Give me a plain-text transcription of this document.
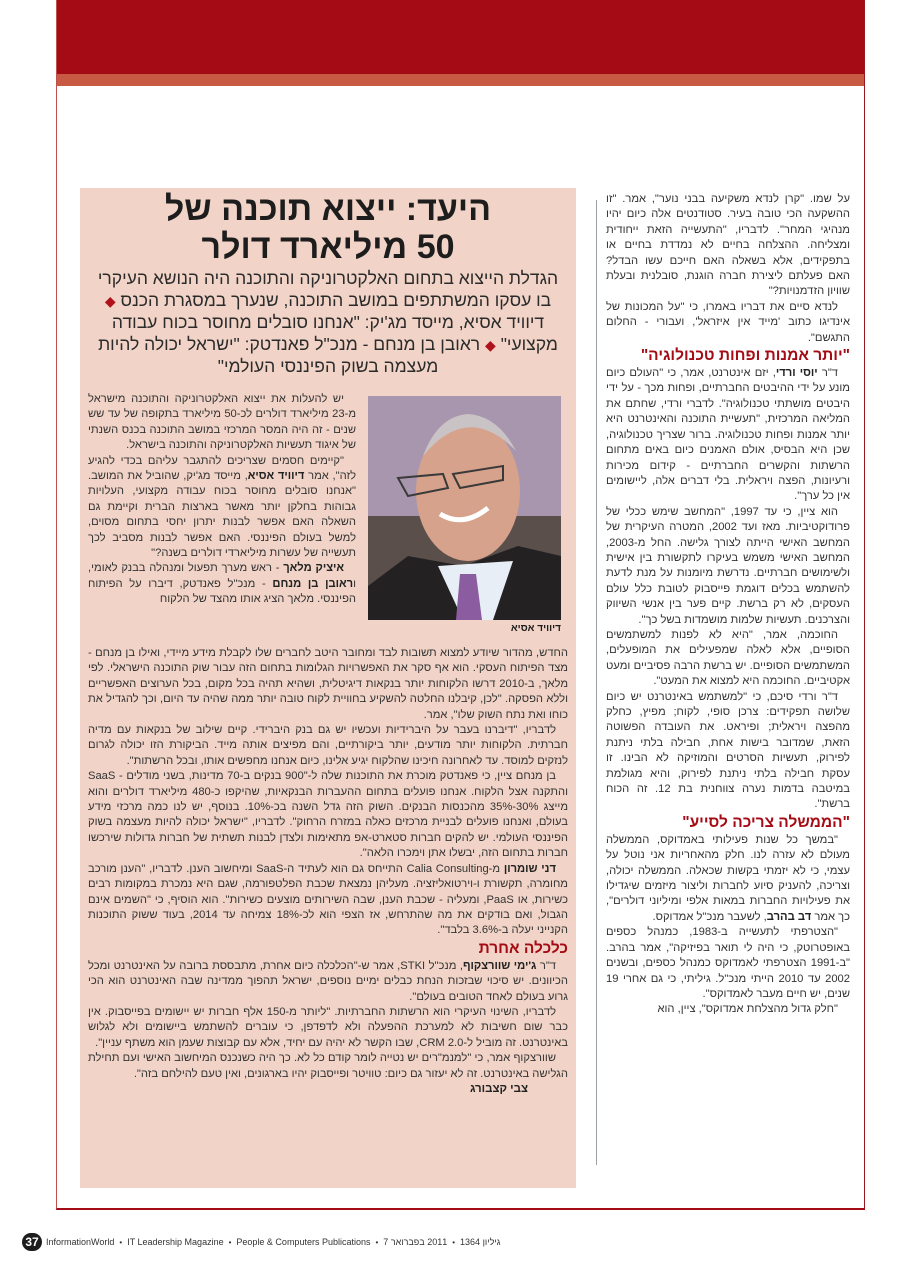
היעד: ייצוא תוכנה של
50 מיליארד דולר
הגדלת הייצוא בתחום האלקטרוניקה והתוכנה היה הנושא העיקרי בו עסקו המשתתפים במושב התוכנה, שנערך במסגרת הכנס ◆ דיוויד אסיא, מייסד מג'יק: "אנחנו סובלים מחוסר בכוח עבודה מקצועי" ◆ ראובן בן מנחם - מנכ"ל פאנדטק: "ישראל יכולה להיות מעצמה בשוק הפיננסי העולמי"
דיוויד אסיא

יש להעלות את ייצוא האלקטרוניקה והתוכנה מישראל מ-23 מיליארד דולרים לכ-50 מיליארד בתקופה של עד שש שנים - זה היה המסר המרכזי במושב התוכנה בכנס השנתי של איגוד תעשיות האלקטרוניקה והתוכנה בישראל.

"קיימים חסמים שצריכים להתגבר עליהם בכדי להגיע לזה", אמר דיוויד אסיא, מייסד מג'יק, שהוביל את המושב. "אנחנו סובלים מחוסר בכוח עבודה מקצועי, העלויות גבוהות בחלקן יותר מאשר בארצות הברית וקיימת גם השאלה האם אפשר לבנות יתרון יחסי בתחום מסוים, למשל בעולם הפיננסי. האם אפשר לבנות מסביב לכך תעשייה של עשרות מיליארדי דולרים בשנה?"

איציק מלאך - ראש מערך תפעול ומנהלה בבנק לאומי, וראובן בן מנחם - מנכ"ל פאנדטק, דיברו על הפיתוח הפיננסי. מלאך הציג אותו מהצד של הלקוח

החדש, מהדור שיודע למצוא תשובות לבד ומחובר היטב לחברים שלו לקבלת מידע מיידי, ואילו בן מנחם - מצד הפיתוח העסקי. הוא אף סקר את האפשרויות הגלומות בתחום הזה עבור שוק התוכנה הישראלי. לפי מלאך, ב-2010 דרשו הלקוחות יותר בנקאות דיגיטלית, ושהיא תהיה בכל מקום, בכל הערוצים האפשריים וללא הפסקה. "לכן, קיבלנו החלטה להשקיע בחוויית לקוח טובה יותר ממה שהיה עד היום, וכך להגדיל את כוחו ואת נתח השוק שלו", אמר.

לדבריו, "דיברנו בעבר על היברידיות ועכשיו יש גם בנק היברידי. קיים שילוב של בנקאות עם מדיה חברתית. הלקוחות יותר מודעים, יותר ביקורתיים, והם מפיצים אותה מייד. הביקורת הזו יכולה לגרום לנזקים למוסד. עד לאחרונה חיכינו שהלקוח יגיע אלינו, כיום אנחנו מחפשים אותו, ובכל הרשתות".

בן מנחם ציין, כי פאנדטק מוכרת את התוכנות שלה ל-"900 בנקים ב-70 מדינות, בשני מודלים - SaaS והתקנה אצל הלקוח. אנחנו פועלים בתחום ההעברות הבנקאיות, שהיקפו כ-480 מיליארד דולרים והוא מייצג 30%-35% מהכנסות הבנקים. השוק הזה גדל השנה בכ-10%. בנוסף, יש לנו כמה מרכזי מידע בעולם, ואנחנו פועלים לבניית מרכזים כאלה במזרח הרחוק". לדבריו, "ישראל יכולה להיות מעצמה בשוק הפיננסי העולמי. יש להקים חברות סטארט-אפ מתאימות ולצדן לבנות תשתית של חברות גדולות שירכשו חברות בתחום הזה, יבשלו אתן וימכרו הלאה".

דני שומרון מ-Calia Consulting התייחס גם הוא לעתיד ה-SaaS ומיחשוב הענן. לדבריו, "הענן מורכב מחומרה, תקשורת ו-וירטואליזציה. מעליהן נמצאת שכבת הפלטפורמה, שגם היא נמכרת במקומות רבים כשירות, או PaaS, ומעליה - שכבת הענן, שבה השירותים מוצעים כשירות". הוא הוסיף, כי "השמים אינם הגבול, ואם בודקים את מה שהתרחש, אז הצפי הוא לכ-18% צמיחה עד 2014, בעוד ששוק התוכנות הקנייני יעלה ב-3.6% בלבד".

כלכלה אחרת

ד"ר ג'ימי שוורצקוף, מנכ"ל STKI, אמר ש-"הכלכלה כיום אחרת, מתבססת ברובה על האינטרנט ומכל הכיוונים. יש סיכוי שבזכות הנחת כבלים ימיים נוספים, ישראל תהפוך ממדינה שבה האינטרנט הוא הכי גרוע בעולם לאחד הטובים בעולם".

לדבריו, השינוי העיקרי הוא הרשתות החברתיות. "ליותר מ-150 אלף חברות יש יישומים בפייסבוק. אין כבר שום חשיבות לא למערכת ההפעלה ולא לדפדפן, כי עוברים להשתמש ביישומים ולא לגלוש באינטרנט. זה מוביל ל-CRM 2.0, שבו הקשר לא יהיה עם יחיד, אלא עם קבוצות שעמן הוא משתף עניין".

שוורצקוף אמר, כי "למנמ"רים יש נטייה לומר קודם כל לא. כך היה כשנכנס המיחשוב האישי ועם תחילת הגלישה באינטרנט. זה לא יעזור גם כיום: טוויטר ופייסבוק יהיו בארגונים, ואין טעם להילחם בזה".

צבי קצבורג

על שמו. "קרן לנדא משקיעה בבני נוער", אמר. "זו ההשקעה הכי טובה בעיר. סטודנטים אלה כיום יהיו מנהיגי המחר". לדבריו, "התעשייה הזאת ייחודית ומצליחה. ההצלחה בחיים לא נמדדת בחיים או בתפקידים, אלא בשאלה האם חייכם עשו הבדל? האם פעלתם ליצירת חברה הוגנת, סובלנית ובעלת שוויון הזדמנויות?"

לנדא סיים את דבריו באמרו, כי "על המכונות של אינדיגו כתוב 'מייד אין איזראל', ועבורי - החלום התגשם".

"יותר אמנות ופחות טכנולוגיה"

ד"ר יוסי ורדי, יזם אינטרנט, אמר, כי "העולם כיום מונע על ידי ההיבטים החברתיים, ופחות מכך - על ידי היבטים מושתתי טכנולוגיה". לדברי ורדי, שחתם את המליאה המרכזית, "תעשיית התוכנה והאינטרנט היא יותר אמנות ופחות טכנולוגיה. ברור שצריך טכנולוגיה, שכן היא הבסיס, אולם האמנים כיום באים מתחום הרשתות והקשרים החברתיים - קידום מכירות ורעיונות, הפצה ויראלית. בלי דברים אלה, ליישומים אין כל ערך".

הוא ציין, כי עד 1997, "המחשב שימש ככלי של פרודוקטיביות. מאז ועד 2002, המטרה העיקרית של המחשב האישי הייתה לצורך גלישה. החל מ-2003, המחשב האישי משמש בעיקרו לתקשורת בין אישית ולשימושים חברתיים. נדרשת מיומנות על מנת לדעת להשתמש בכלים דוגמת פייסבוק לטובת כלל עולם העסקים, לא רק ברשת. קיים פער בין אנשי השיווק והצרכנים. תעשיות שלמות מושמדות בשל כך".

החוכמה, אמר, "היא לא לפנות למשתמשים הסופיים, אלא לאלה שמפעילים את המופעלים, המשתמשים הסופיים. יש ברשת הרבה פסיביים ומעט אקטיביים. החוכמה היא למצוא את המעט".

ד"ר ורדי סיכם, כי "למשתמש באינטרנט יש כיום שלושה תפקידים: צרכן סופי, לקוח; מפיץ, כחלק מהפצה ויראלית; ופיראט. את העובדה הפשוטה הזאת, שמדובר בישות אחת, חבילה בלתי ניתנת לפירוק, תעשיות הסרטים והמוזיקה לא הבינו. זו עסקת חבילה בלתי ניתנת לפירוק, והיא מגולמת במיטבה בדמות נערה צווחנית בת 12. זה הכוח ברשת".

"הממשלה צריכה לסייע"

"במשך כל שנות פעילותי באמדוקס, הממשלה מעולם לא עזרה לנו. חלק מהאחריות אני נוטל על עצמי, כי לא יזמתי בקשות שכאלה. הממשלה יכולה, וצריכה, להעניק סיוע לחברות וליצור מיזמים שיגדילו את פעילויות החברות במאות אלפי ומיליוני דולרים", כך אמר דב בהרב, לשעבר מנכ"ל אמדוקס.

"הצטרפתי לתעשייה ב-1983, כמנהל כספים באופטרוטק, כי היה לי תואר בפיזיקה", אמר בהרב. "ב-1991 הצטרפתי לאמדוקס כמנהל כספים, ובשנים 2002 עד 2010 הייתי מנכ"ל. גיליתי, כי גם אחרי 19 שנים, יש חיים מעבר לאמדוקס".

"חלק גדול מהצלחת אמדוקס", ציין, הוא

37 InformationWorld • IT Leadership Magazine • People & Computers Publications • 2011 בפברואר 7 • גיליון 1364
